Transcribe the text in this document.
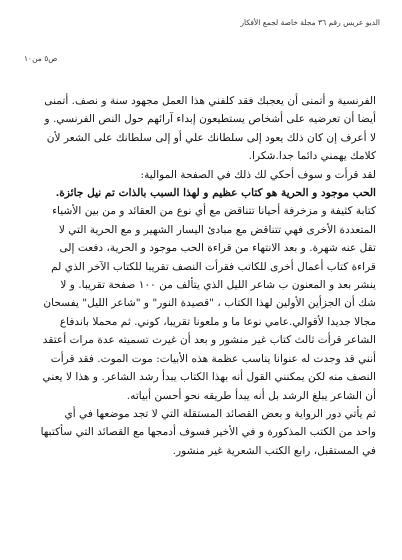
الديو عريس رقم ٣٦ مجلة خاصة لجمع الأفكار
ص٥ من١٠
الفرنسية و أتمنى أن يعجبك فقد كلفني هذا العمل مجهود سنة و نصف. أتمنى
أيضا أن تعرضيه على أشخاص يستطيعون إبداء آرائهم حول النص الفرنسي. و
لا أعرف إن كان ذلك يعود إلى سلطانك علي أو إلى سلطانك على الشعر لأن
كلامك يهمني دائما جدا.شكرا.
لقد قرأت و سوف أحكي لك ذلك في الصفحة الموالية:
الحب موجود و الحرية هو كتاب عظيم و لهذا السبب بالذات تم نيل جائزة.
كتابة كثيفة و مزخرفة أحيانا تتناقض مع أي نوع من العقائد و من بين الأشياء
المتعددة الأخرى فهي تتناقض مع مبادئ اليسار الشهير و مع الحرية التي لا
تقل عنه شهرة. و بعد الانتهاء من قراءة الحب موجود و الحرية، دفعت إلى
قراءة كتاب أعمال أخرى للكاتب فقرأت النصف تقريبا للكتاب الآخر الذي لم
ينشر بعد و المعنون ب شاعر الليل الذي يتألف من ١٠٠ صفحة تقريبا. و لا
شك أن الجزأين الأولين لهذا الكتاب ، "قصيدة النور" و "شاعر الليل" يفسحان
مجالا جديدا لأقوالي.عامي نوعا ما و ملعونا تقريبا، كوني. ثم محملا باندفاع
الشاعر قرأت ثالث كتاب غير منشور و بعد أن غيرت تسميته عدة مرات أعتقد
أنني قد وجدت له عنوانا يناسب عظمة هذه الأبيات: موت الموت. فقد قرأت
النصف منه لكن يمكنني القول أنه بهذا الكتاب يبدأ رشد الشاعر. و هذا لا يعني
أن الشاعر يبلغ الرشد بل أنه يبدأ طريقه نحو أحسن أبياته.
ثم يأتي دور الرواية و بعض القصائد المستقلة التي لا تجد موضعها في أي
واحد من الكتب المذكورة و في الأخير فسوف أدمجها مع القصائد التي سأكتبها
في المستقبل، رابع الكتب الشعرية غير منشور.
